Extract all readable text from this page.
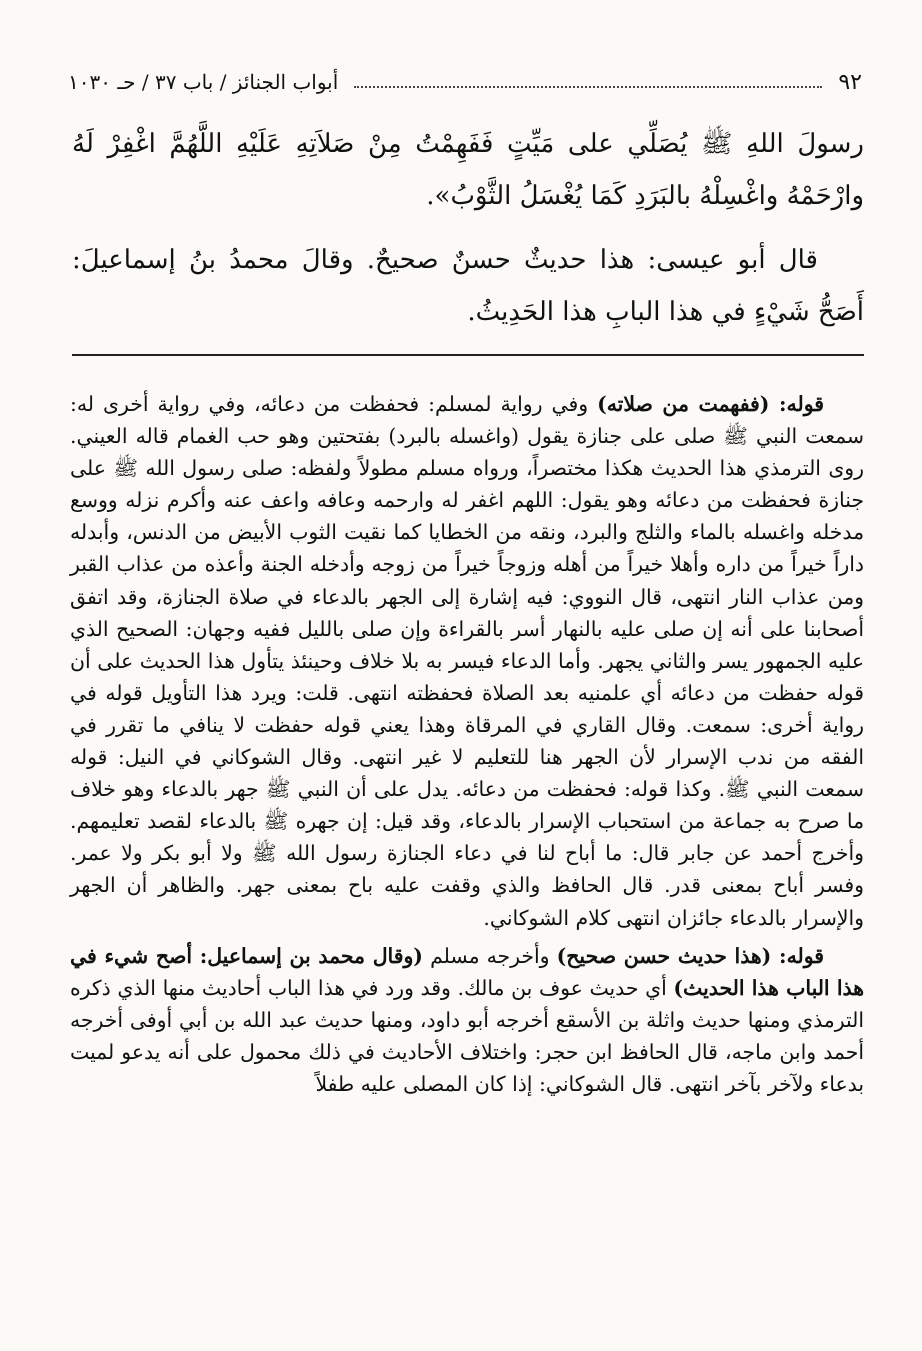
٩٢
أبواب الجنائز / باب ٣٧ / حـ ١٠٣٠

رسولَ اللهِ ﷺ يُصَلِّي على مَيِّتٍ فَفَهِمْتُ مِنْ صَلاَتِهِ عَلَيْهِ اللَّهُمَّ اغْفِرْ لَهُ وارْحَمْهُ واغْسِلْهُ بالبَرَدِ كَمَا يُغْسَلُ الثَّوْبُ».

قال أبو عيسى: هذا حديثٌ حسنٌ صحيحٌ. وقالَ محمدُ بنُ إسماعيلَ: أَصَحُّ شَيْءٍ في هذا البابِ هذا الحَدِيثُ.

قوله: (ففهمت من صلاته) وفي رواية لمسلم: فحفظت من دعائه، وفي رواية أخرى له: سمعت النبي ﷺ صلى على جنازة يقول (واغسله بالبرد) بفتحتين وهو حب الغمام قاله العيني. روى الترمذي هذا الحديث هكذا مختصراً، ورواه مسلم مطولاً ولفظه: صلى رسول الله ﷺ على جنازة فحفظت من دعائه وهو يقول: اللهم اغفر له وارحمه وعافه واعف عنه وأكرم نزله ووسع مدخله واغسله بالماء والثلج والبرد، ونقه من الخطايا كما نقيت الثوب الأبيض من الدنس، وأبدله داراً خيراً من داره وأهلا خيراً من أهله وزوجاً خيراً من زوجه وأدخله الجنة وأعذه من عذاب القبر ومن عذاب النار انتهى، قال النووي: فيه إشارة إلى الجهر بالدعاء في صلاة الجنازة، وقد اتفق أصحابنا على أنه إن صلى عليه بالنهار أسر بالقراءة وإن صلى بالليل ففيه وجهان: الصحيح الذي عليه الجمهور يسر والثاني يجهر. وأما الدعاء فيسر به بلا خلاف وحينئذ يتأول هذا الحديث على أن قوله حفظت من دعائه أي علمنيه بعد الصلاة فحفظته انتهى. قلت: ويرد هذا التأويل قوله في رواية أخرى: سمعت. وقال القاري في المرقاة وهذا يعني قوله حفظت لا ينافي ما تقرر في الفقه من ندب الإسرار لأن الجهر هنا للتعليم لا غير انتهى. وقال الشوكاني في النيل: قوله سمعت النبي ﷺ. وكذا قوله: فحفظت من دعائه. يدل على أن النبي ﷺ جهر بالدعاء وهو خلاف ما صرح به جماعة من استحباب الإسرار بالدعاء، وقد قيل: إن جهره ﷺ بالدعاء لقصد تعليمهم. وأخرج أحمد عن جابر قال: ما أباح لنا في دعاء الجنازة رسول الله ﷺ ولا أبو بكر ولا عمر. وفسر أباح بمعنى قدر. قال الحافظ والذي وقفت عليه باح بمعنى جهر. والظاهر أن الجهر والإسرار بالدعاء جائزان انتهى كلام الشوكاني.

قوله: (هذا حديث حسن صحيح) وأخرجه مسلم (وقال محمد بن إسماعيل: أصح شيء في هذا الباب هذا الحديث) أي حديث عوف بن مالك. وقد ورد في هذا الباب أحاديث منها الذي ذكره الترمذي ومنها حديث واثلة بن الأسقع أخرجه أبو داود، ومنها حديث عبد الله بن أبي أوفى أخرجه أحمد وابن ماجه، قال الحافظ ابن حجر: واختلاف الأحاديث في ذلك محمول على أنه يدعو لميت بدعاء ولآخر بآخر انتهى. قال الشوكاني: إذا كان المصلى عليه طفلاً
